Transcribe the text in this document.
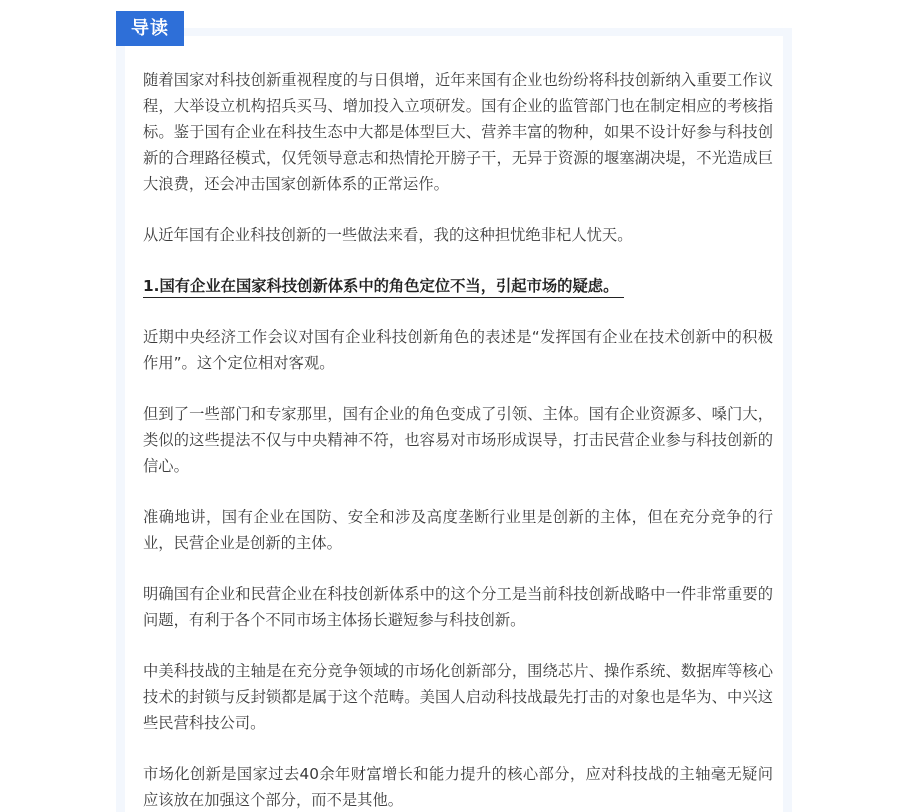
导读

随着国家对科技创新重视程度的与日俱增，近年来国有企业也纷纷将科技创新纳入重要工作议程，大举设立机构招兵买马、增加投入立项研发。国有企业的监管部门也在制定相应的考核指标。鉴于国有企业在科技生态中大都是体型巨大、营养丰富的物种，如果不设计好参与科技创新的合理路径模式，仅凭领导意志和热情抡开膀子干，无异于资源的堰塞湖决堤，不光造成巨大浪费，还会冲击国家创新体系的正常运作。

从近年国有企业科技创新的一些做法来看，我的这种担忧绝非杞人忧天。

1.国有企业在国家科技创新体系中的角色定位不当，引起市场的疑虑。

近期中央经济工作会议对国有企业科技创新角色的表述是“发挥国有企业在技术创新中的积极作用”。这个定位相对客观。

但到了一些部门和专家那里，国有企业的角色变成了引领、主体。国有企业资源多、嗓门大，类似的这些提法不仅与中央精神不符，也容易对市场形成误导，打击民营企业参与科技创新的信心。

准确地讲，国有企业在国防、安全和涉及高度垄断行业里是创新的主体，但在充分竞争的行业，民营企业是创新的主体。

明确国有企业和民营企业在科技创新体系中的这个分工是当前科技创新战略中一件非常重要的问题，有利于各个不同市场主体扬长避短参与科技创新。

中美科技战的主轴是在充分竞争领域的市场化创新部分，围绕芯片、操作系统、数据库等核心技术的封锁与反封锁都是属于这个范畴。美国人启动科技战最先打击的对象也是华为、中兴这些民营科技公司。

市场化创新是国家过去40余年财富增长和能力提升的核心部分，应对科技战的主轴毫无疑问应该放在加强这个部分，而不是其他。
